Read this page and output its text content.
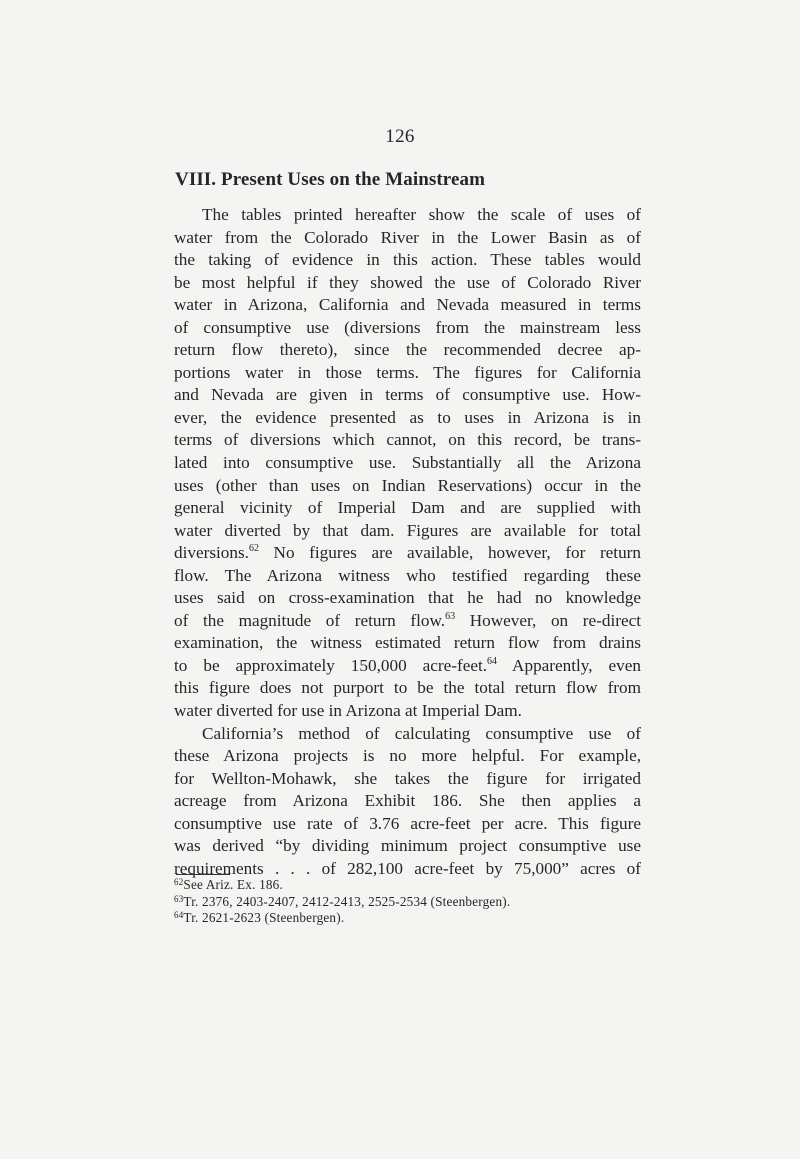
126
VIII. Present Uses on the Mainstream
The tables printed hereafter show the scale of uses of
water from the Colorado River in the Lower Basin as of
the taking of evidence in this action. These tables would
be most helpful if they showed the use of Colorado River
water in Arizona, California and Nevada measured in terms
of consumptive use (diversions from the mainstream less
return flow thereto), since the recommended decree ap-
portions water in those terms. The figures for California
and Nevada are given in terms of consumptive use. How-
ever, the evidence presented as to uses in Arizona is in
terms of diversions which cannot, on this record, be trans-
lated into consumptive use. Substantially all the Arizona
uses (other than uses on Indian Reservations) occur in the
general vicinity of Imperial Dam and are supplied with
water diverted by that dam. Figures are available for total
diversions.$^{62}$ No figures are available, however, for return
flow. The Arizona witness who testified regarding these
uses said on cross-examination that he had no knowledge
of the magnitude of return flow.$^{63}$ However, on re-direct
examination, the witness estimated return flow from drains
to be approximately 150,000 acre-feet.$^{64}$ Apparently, even
this figure does not purport to be the total return flow from
water diverted for use in Arizona at Imperial Dam.
California’s method of calculating consumptive use of
these Arizona projects is no more helpful. For example,
for Wellton-Mohawk, she takes the figure for irrigated
acreage from Arizona Exhibit 186. She then applies a
consumptive use rate of 3.76 acre-feet per acre. This figure
was derived “by dividing minimum project consumptive use
requirements . . . of 282,100 acre-feet by 75,000” acres of
$^{62}$See Ariz. Ex. 186.
$^{63}$Tr. 2376, 2403-2407, 2412-2413, 2525-2534 (Steenbergen).
$^{64}$Tr. 2621-2623 (Steenbergen).
